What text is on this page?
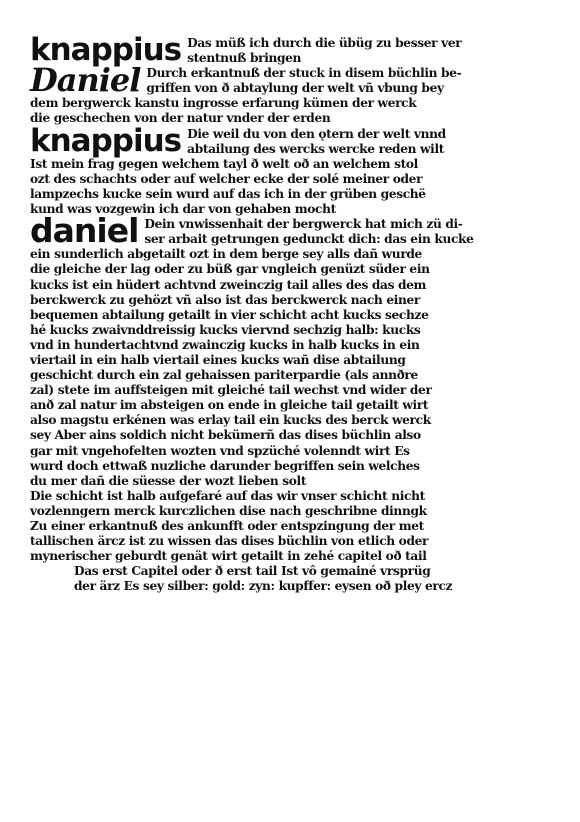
knappius Das müß ich durch die übüg zu besser ver
stentnuß bringen
Daniel Durch erkantnuß der stuck in disem büchlin be-
griffen von ð abtaylung der welt vñ vbung bey
dem bergwerck kanstu ingrosse erfarung kümen der werck
die geschechen von der natur vnder der erden
knappius Die weil du von den ǫtern der welt vnnd
abtailung des wercks wercke reden wilt
Ist mein frag gegen welchem tayl ð welt oð an welchem stol
ozt des schachts oder auf welcher ecke der solé meiner oder
lampzechs kucke sein wurd auf das ich in der grüben geschë
kund was vozgewin ich dar von gehaben mocht
daniel Dein vnwissenhait der bergwerck hat mich zü di-
ser arbait getrungen gedunckt dich: das ein kucke
ein sunderlich abgetailt ozt in dem berge sey alls dañ wurde
die gleiche der lag oder zu büß gar vngleich genüzt süder ein
kucks ist ein hüdert achtvnd zweinczig tail alles des das dem
berckwerck zu gehözt vñ also ist das berckwerck nach einer
bequemen abtailung getailt in vier schicht acht kucks sechze
hé kucks zwaivnddreissig kucks viervnd sechzig halb: kucks
vnd in hundertachtvnd zwainczig kucks in halb kucks in ein
viertail in ein halb viertail eines kucks wañ dise abtailung
geschicht durch ein zal gehaissen pariterpardie (als annðre
zal) stete im auffsteigen mit gleiché tail wechst vnd wider der
anð zal natur im absteigen on ende in gleiche tail getailt wirt
also magstu erkénen was erlay tail ein kucks des berck werck
sey Aber ains soldich nicht bekümerñ das dises büchlin also
gar mit vngehofelten wozten vnd spzüché volenndt wirt Es
wurd doch ettwaß nuzliche darunder begriffen sein welches
du mer dañ die süesse der wozt lieben solt
Die schicht ist halb aufgefaré auf das wir vnser schicht nicht
vozlenngern merck kurczlichen dise nach geschribne dinngk
Zu einer erkantnuß des ankunfft oder entspzingung der met
tallischen ärcz ist zu wissen das dises büchlin von etlich oder
mynerischer geburdt genät wirt getailt in zehé capitel oð tail
Das erst Capitel oder ð erst tail Ist vô gemainé vrsprüg
der ärz Es sey silber: gold: zyn: kupffer: eysen oð pley ercz
